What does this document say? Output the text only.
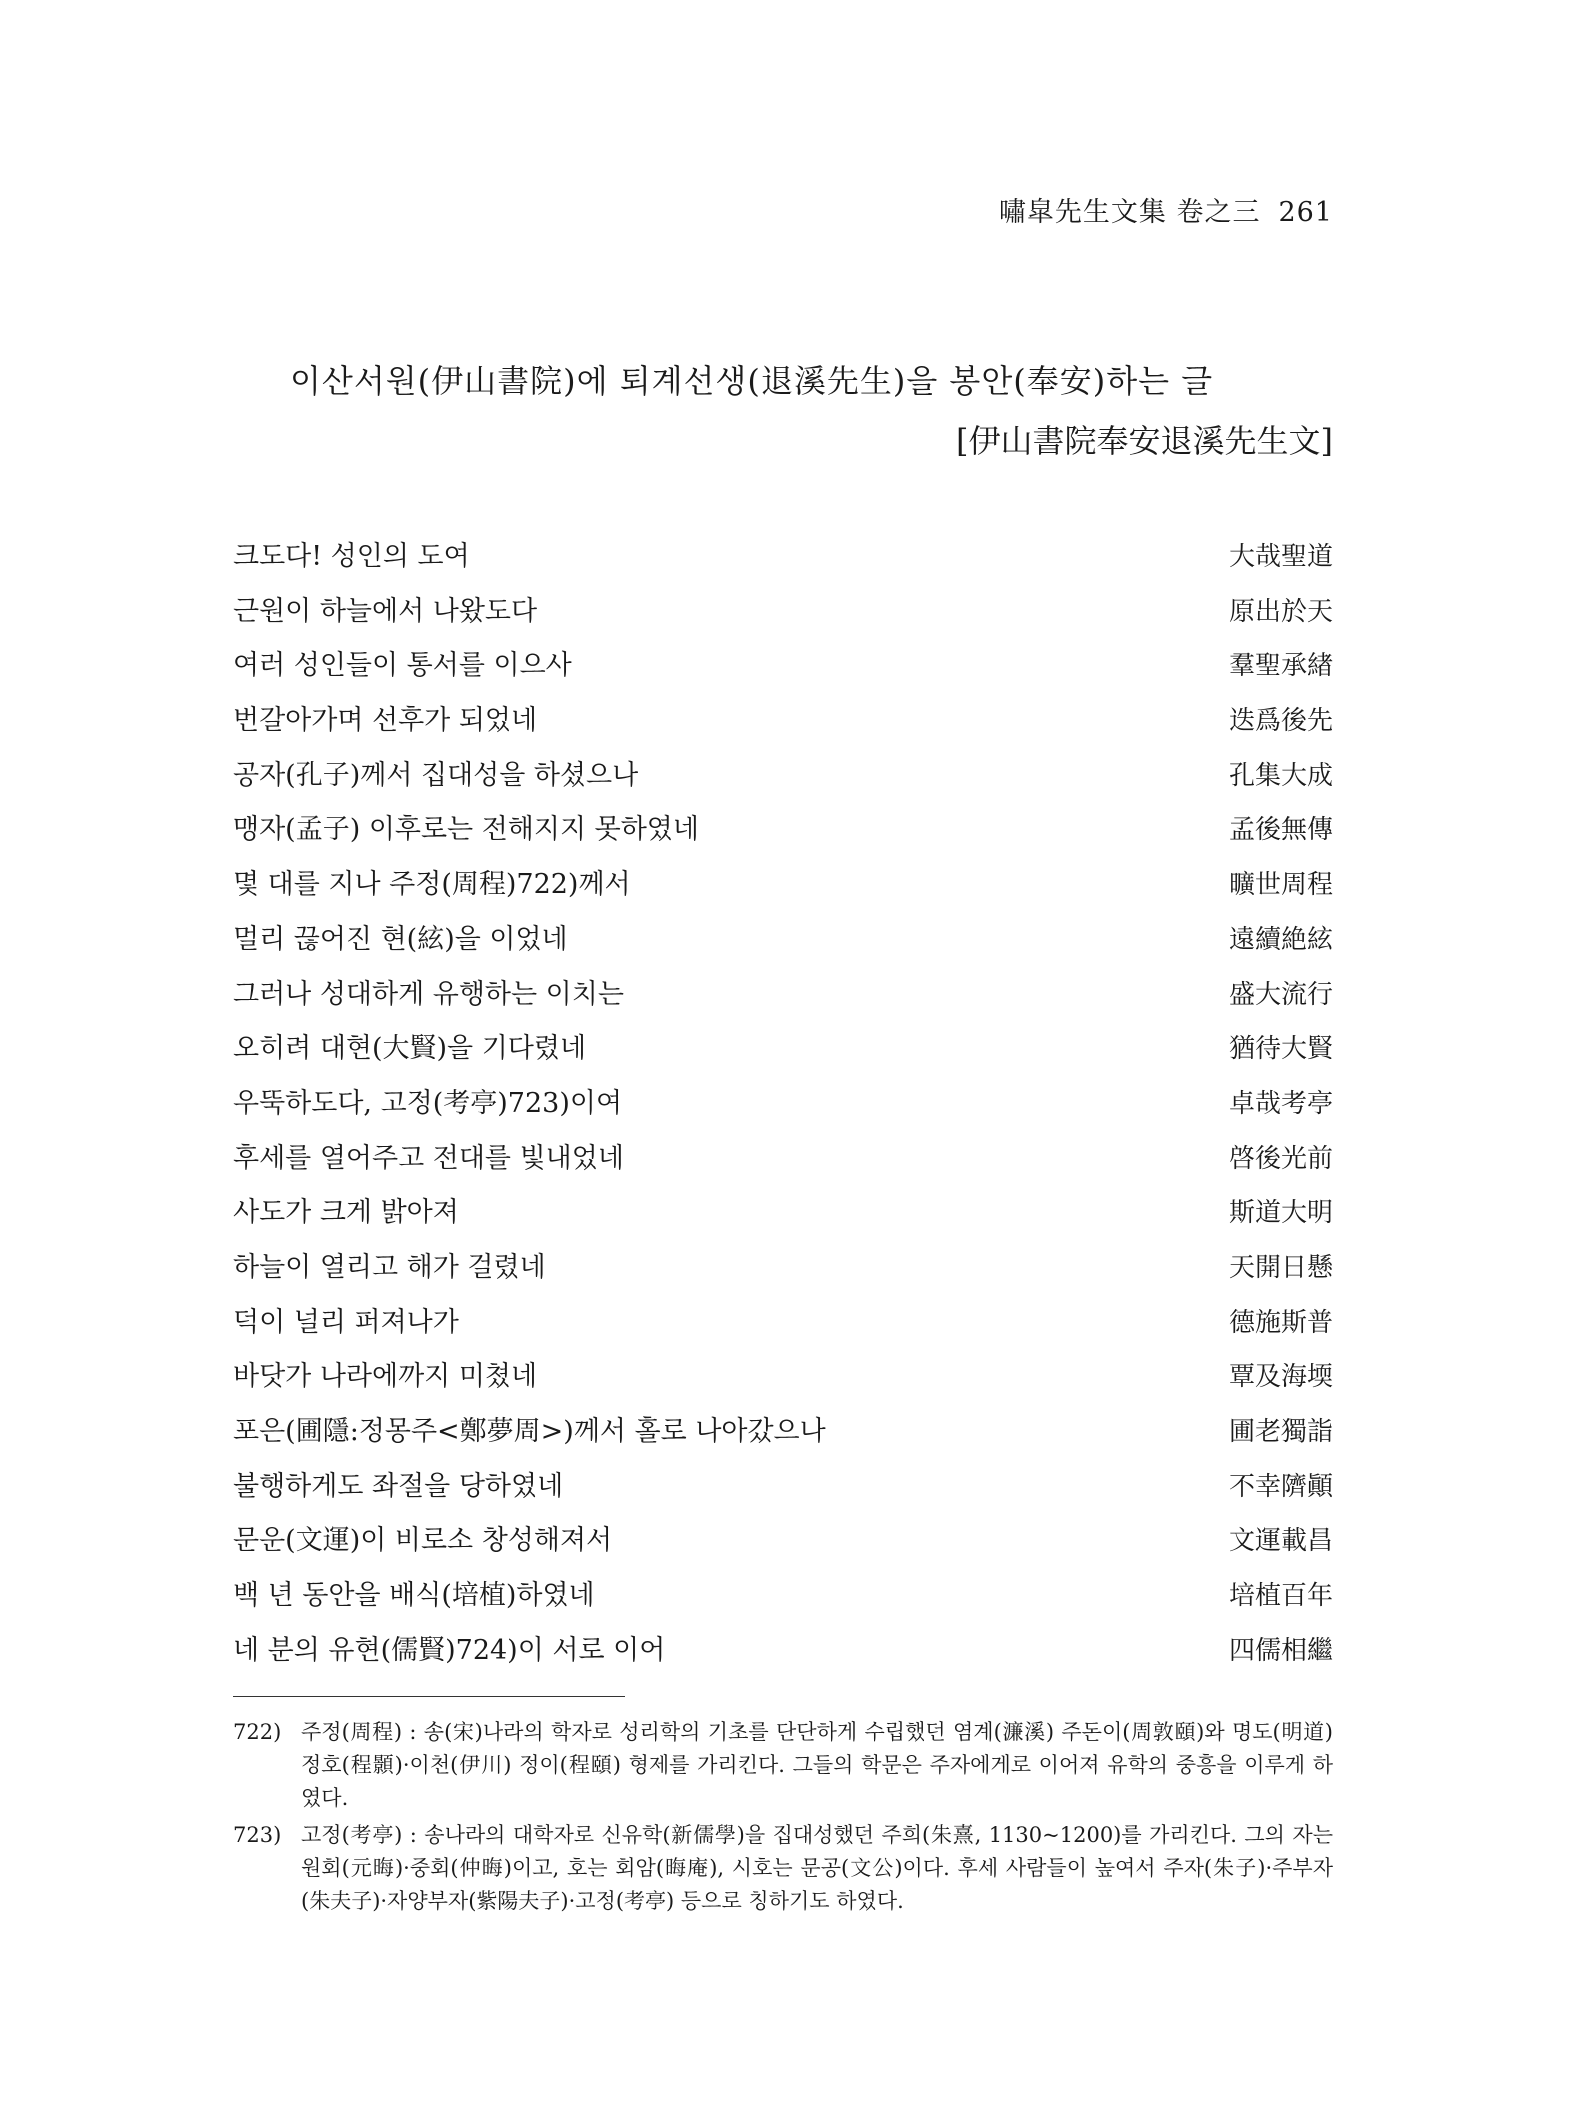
嘯皐先生文集 卷之三 261
이산서원(伊山書院)에 퇴계선생(退溪先生)을 봉안(奉安)하는 글
[伊山書院奉安退溪先生文]
크도다! 성인의 도여	大哉聖道
근원이 하늘에서 나왔도다	原出於天
여러 성인들이 통서를 이으사	羣聖承緖
번갈아가며 선후가 되었네	迭爲後先
공자(孔子)께서 집대성을 하셨으나	孔集大成
맹자(孟子) 이후로는 전해지지 못하였네	孟後無傳
몇 대를 지나 주정(周程)722)께서	曠世周程
멀리 끊어진 현(絃)을 이었네	遠續絶絃
그러나 성대하게 유행하는 이치는	盛大流行
오히려 대현(大賢)을 기다렸네	猶待大賢
우뚝하도다, 고정(考亭)723)이여	卓哉考亭
후세를 열어주고 전대를 빛내었네	啓後光前
사도가 크게 밝아져	斯道大明
하늘이 열리고 해가 걸렸네	天開日懸
덕이 널리 퍼져나가	德施斯普
바닷가 나라에까지 미쳤네	覃及海堧
포은(圃隱:정몽주<鄭夢周>)께서 홀로 나아갔으나	圃老獨詣
불행하게도 좌절을 당하였네	不幸隮顚
문운(文運)이 비로소 창성해져서	文運載昌
백 년 동안을 배식(培植)하였네	培植百年
네 분의 유현(儒賢)724)이 서로 이어	四儒相繼
722) 주정(周程) : 송(宋)나라의 학자로 성리학의 기초를 단단하게 수립했던 염계(濂溪) 주돈이(周敦頤)와 명도(明道) 정호(程顥)·이천(伊川) 정이(程頤) 형제를 가리킨다. 그들의 학문은 주자에게로 이어져 유학의 중흥을 이루게 하였다.
723) 고정(考亭) : 송나라의 대학자로 신유학(新儒學)을 집대성했던 주희(朱熹, 1130~1200)를 가리킨다. 그의 자는 원회(元晦)·중회(仲晦)이고, 호는 회암(晦庵), 시호는 문공(文公)이다. 후세 사람들이 높여서 주자(朱子)·주부자(朱夫子)·자양부자(紫陽夫子)·고정(考亭) 등으로 칭하기도 하였다.
